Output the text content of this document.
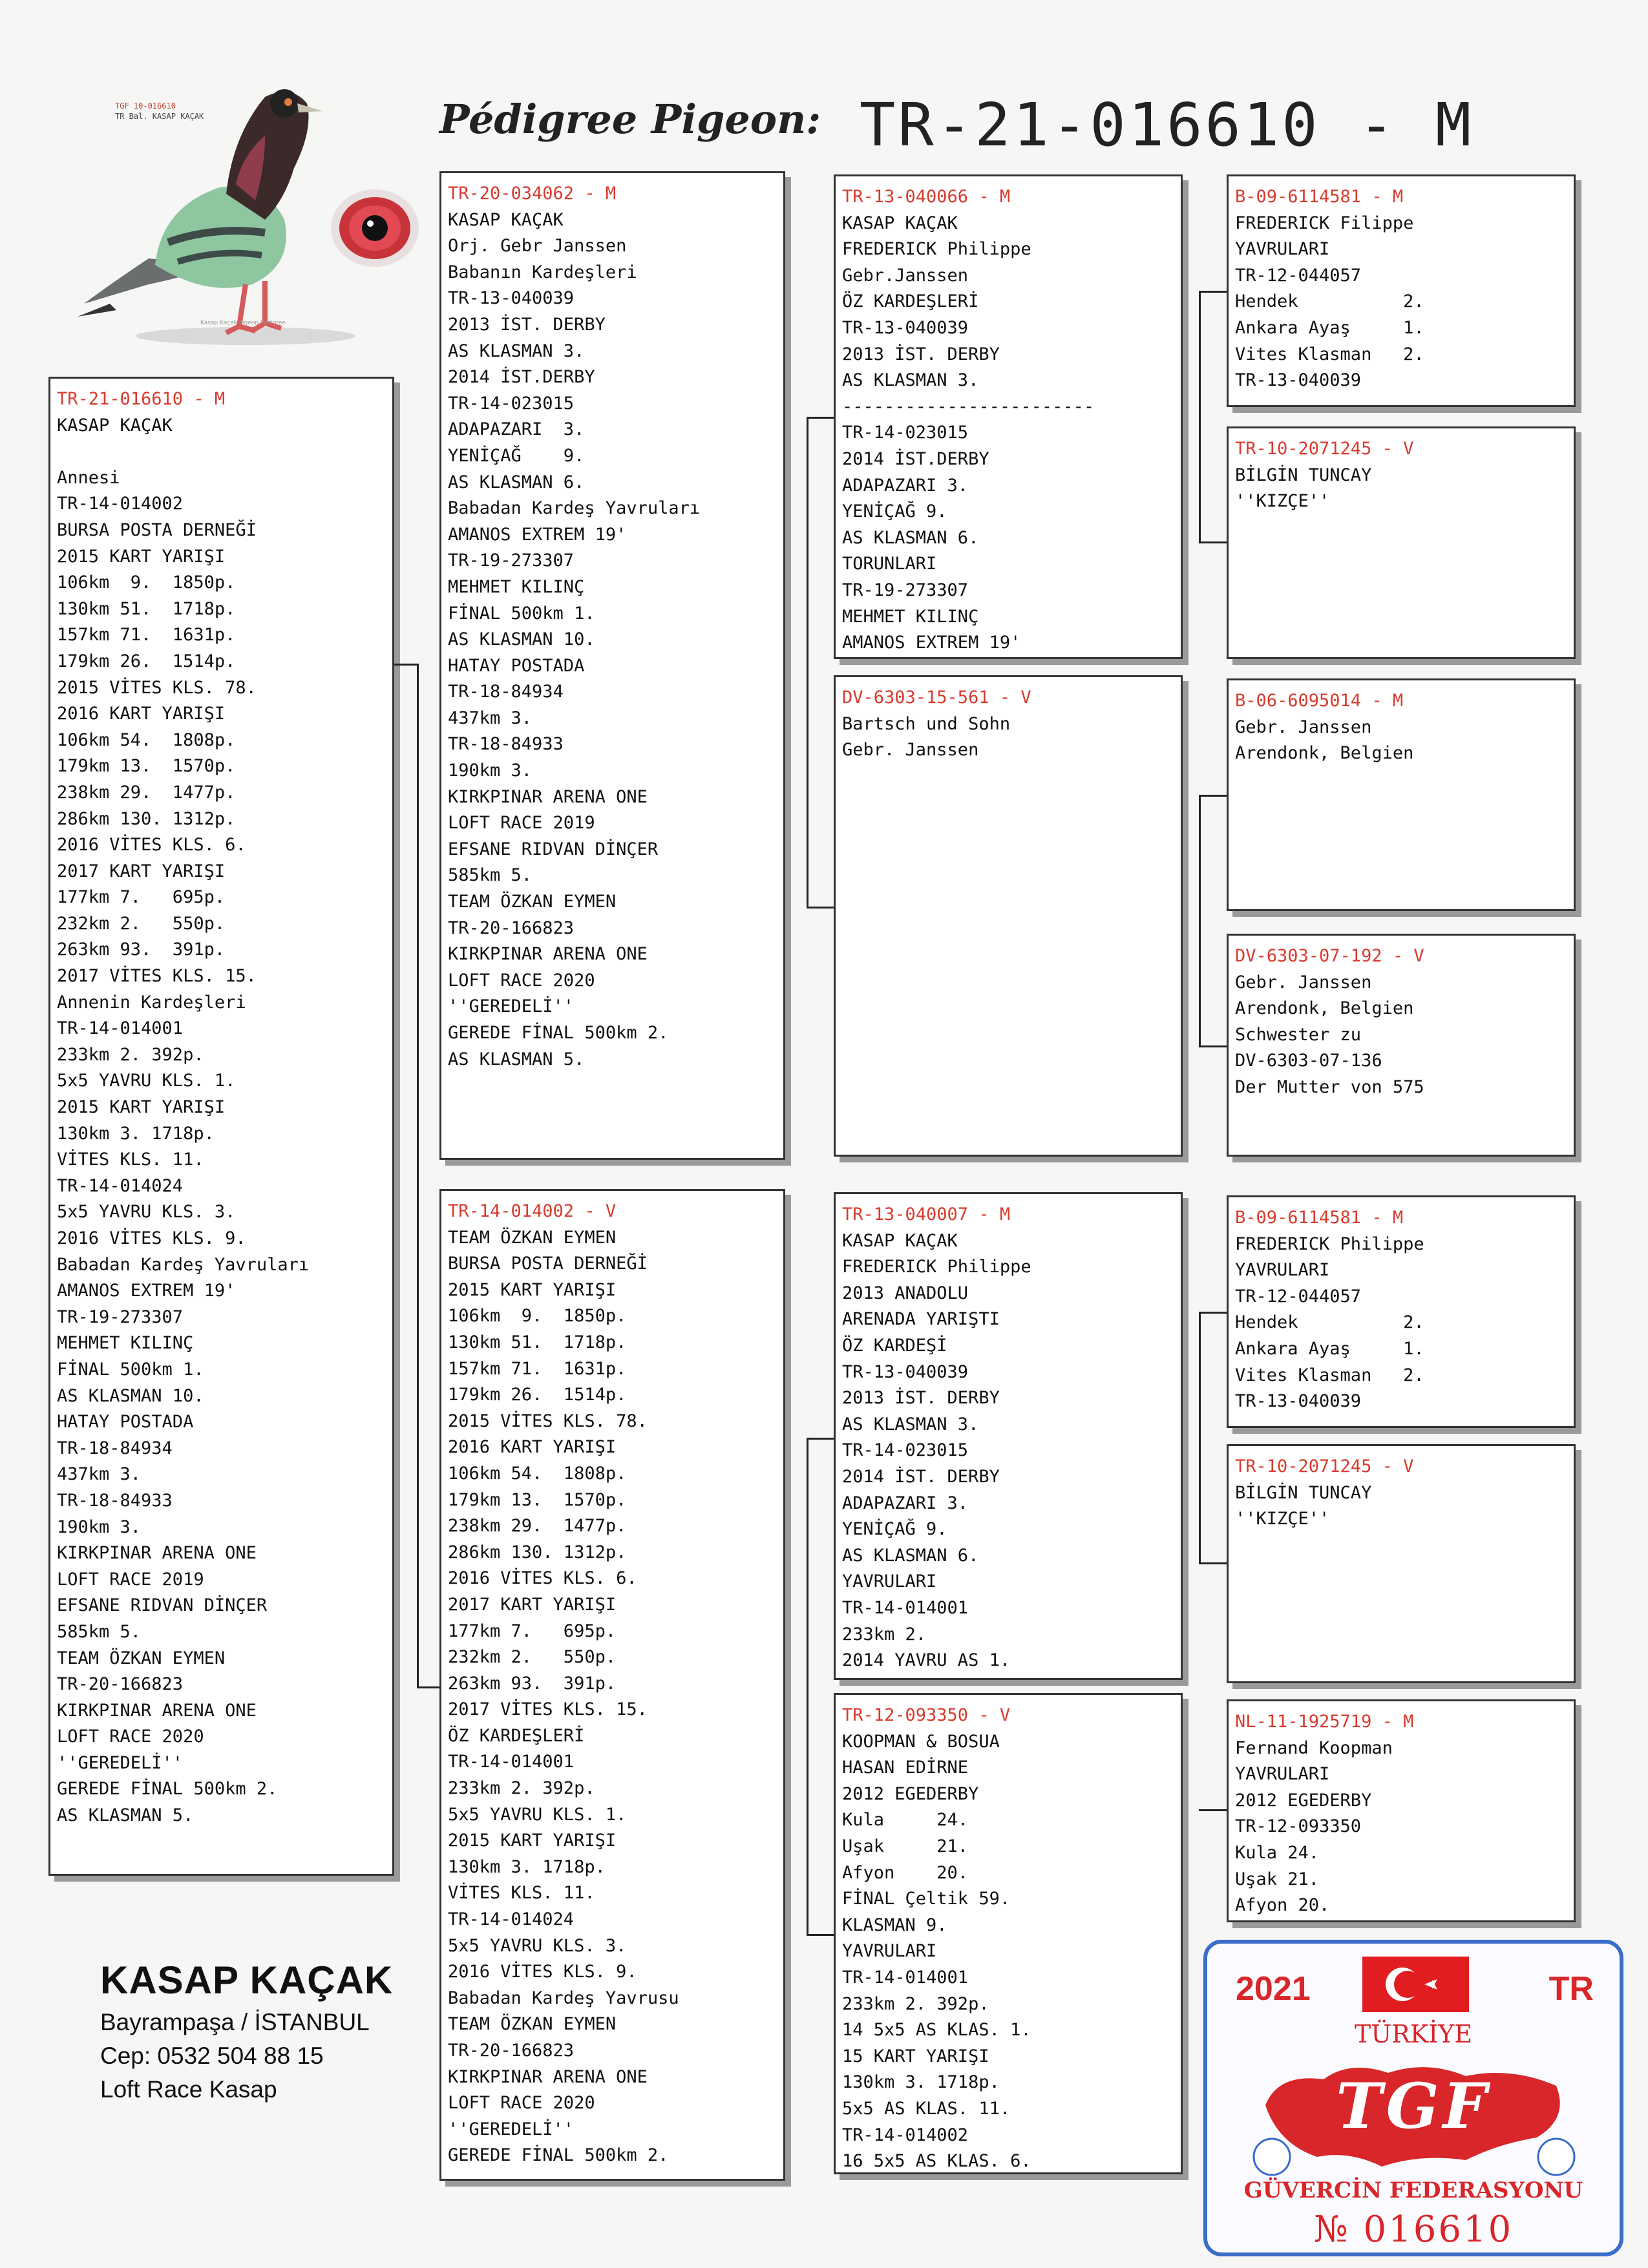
Kasap Kaçak Pigeon Pedigree
TGF 10-016610
TR Bal. KASAP KAÇAK	Pédigree Pigeon: TR-21-016610 - M
TR-21-016610 - M
KASAP KAÇAK

Annesi
TR-14-014002
BURSA POSTA DERNEĞİ
2015 KART YARIŞI
106km  9.  1850p.
130km 51.  1718p.
157km 71.  1631p.
179km 26.  1514p.
2015 VİTES KLS. 78.
2016 KART YARIŞI
106km 54.  1808p.
179km 13.  1570p.
238km 29.  1477p.
286km 130. 1312p.
2016 VİTES KLS. 6.
2017 KART YARIŞI
177km 7.   695p.
232km 2.   550p.
263km 93.  391p.
2017 VİTES KLS. 15.
Annenin Kardeşleri
TR-14-014001
233km 2. 392p.
5x5 YAVRU KLS. 1.
2015 KART YARIŞI
130km 3. 1718p.
VİTES KLS. 11.
TR-14-014024
5x5 YAVRU KLS. 3.
2016 VİTES KLS. 9.
Babadan Kardeş Yavruları
AMANOS EXTREM 19'
TR-19-273307
MEHMET KILINÇ
FİNAL 500km 1.
AS KLASMAN 10.
HATAY POSTADA
TR-18-84934
437km 3.
TR-18-84933
190km 3.
KIRKPINAR ARENA ONE
LOFT RACE 2019
EFSANE RIDVAN DİNÇER
585km 5.
TEAM ÖZKAN EYMEN
TR-20-166823
KIRKPINAR ARENA ONE
LOFT RACE 2020
''GEREDELİ''
GEREDE FİNAL 500km 2.
AS KLASMAN 5.
TR-20-034062 - M
KASAP KAÇAK
Orj. Gebr Janssen
Babanın Kardeşleri
TR-13-040039
2013 İST. DERBY
AS KLASMAN 3.
2014 İST.DERBY
TR-14-023015
ADAPAZARI  3.
YENİÇAĞ    9.
AS KLASMAN 6.
Babadan Kardeş Yavruları
AMANOS EXTREM 19'
TR-19-273307
MEHMET KILINÇ
FİNAL 500km 1.
AS KLASMAN 10.
HATAY POSTADA
TR-18-84934
437km 3.
TR-18-84933
190km 3.
KIRKPINAR ARENA ONE
LOFT RACE 2019
EFSANE RIDVAN DİNÇER
585km 5.
TEAM ÖZKAN EYMEN
TR-20-166823
KIRKPINAR ARENA ONE
LOFT RACE 2020
''GEREDELİ''
GEREDE FİNAL 500km 2.
AS KLASMAN 5.
TR-14-014002 - V
TEAM ÖZKAN EYMEN
BURSA POSTA DERNEĞİ
2015 KART YARIŞI
106km  9.  1850p.
130km 51.  1718p.
157km 71.  1631p.
179km 26.  1514p.
2015 VİTES KLS. 78.
2016 KART YARIŞI
106km 54.  1808p.
179km 13.  1570p.
238km 29.  1477p.
286km 130. 1312p.
2016 VİTES KLS. 6.
2017 KART YARIŞI
177km 7.   695p.
232km 2.   550p.
263km 93.  391p.
2017 VİTES KLS. 15.
ÖZ KARDEŞLERİ
TR-14-014001
233km 2. 392p.
5x5 YAVRU KLS. 1.
2015 KART YARIŞI
130km 3. 1718p.
VİTES KLS. 11.
TR-14-014024
5x5 YAVRU KLS. 3.
2016 VİTES KLS. 9.
Babadan Kardeş Yavrusu
TEAM ÖZKAN EYMEN
TR-20-166823
KIRKPINAR ARENA ONE
LOFT RACE 2020
''GEREDELİ''
GEREDE FİNAL 500km 2.
TR-13-040066 - M
KASAP KAÇAK
FREDERICK Philippe
Gebr.Janssen
ÖZ KARDEŞLERİ
TR-13-040039
2013 İST. DERBY
AS KLASMAN 3.
------------------------
TR-14-023015
2014 İST.DERBY
ADAPAZARI 3.
YENİÇAĞ 9.
AS KLASMAN 6.
TORUNLARI
TR-19-273307
MEHMET KILINÇ
AMANOS EXTREM 19'
DV-6303-15-561 - V
Bartsch und Sohn
Gebr. Janssen
TR-13-040007 - M
KASAP KAÇAK
FREDERICK Philippe
2013 ANADOLU
ARENADA YARIŞTI
ÖZ KARDEŞİ
TR-13-040039
2013 İST. DERBY
AS KLASMAN 3.
TR-14-023015
2014 İST. DERBY
ADAPAZARI 3.
YENİÇAĞ 9.
AS KLASMAN 6.
YAVRULARI
TR-14-014001
233km 2.
2014 YAVRU AS 1.
TR-12-093350 - V
KOOPMAN & BOSUA
HASAN EDİRNE
2012 EGEDERBY
Kula     24.
Uşak     21.
Afyon    20.
FİNAL Çeltik 59.
KLASMAN 9.
YAVRULARI
TR-14-014001
233km 2. 392p.
14 5x5 AS KLAS. 1.
15 KART YARIŞI
130km 3. 1718p.
5x5 AS KLAS. 11.
TR-14-014002
16 5x5 AS KLAS. 6.
B-09-6114581 - M
FREDERICK Filippe
YAVRULARI
TR-12-044057
Hendek          2.
Ankara Ayaş     1.
Vites Klasman   2.
TR-13-040039
TR-10-2071245 - V
BİLGİN TUNCAY
''KIZÇE''
B-06-6095014 - M
Gebr. Janssen
Arendonk, Belgien
DV-6303-07-192 - V
Gebr. Janssen
Arendonk, Belgien
Schwester zu
DV-6303-07-136
Der Mutter von 575
B-09-6114581 - M
FREDERICK Philippe
YAVRULARI
TR-12-044057
Hendek          2.
Ankara Ayaş     1.
Vites Klasman   2.
TR-13-040039
TR-10-2071245 - V
BİLGİN TUNCAY
''KIZÇE''
NL-11-1925719 - M
Fernand Koopman
YAVRULARI
2012 EGEDERBY
TR-12-093350
Kula 24.
Uşak 21.
Afyon 20.
KASAP KAÇAK
Bayrampaşa / İSTANBUL
Cep: 0532 504 88 15
Loft Race Kasap
2021	TR
TÜRKİYE
TGF
GÜVERCİN FEDERASYONU
№ 016610
